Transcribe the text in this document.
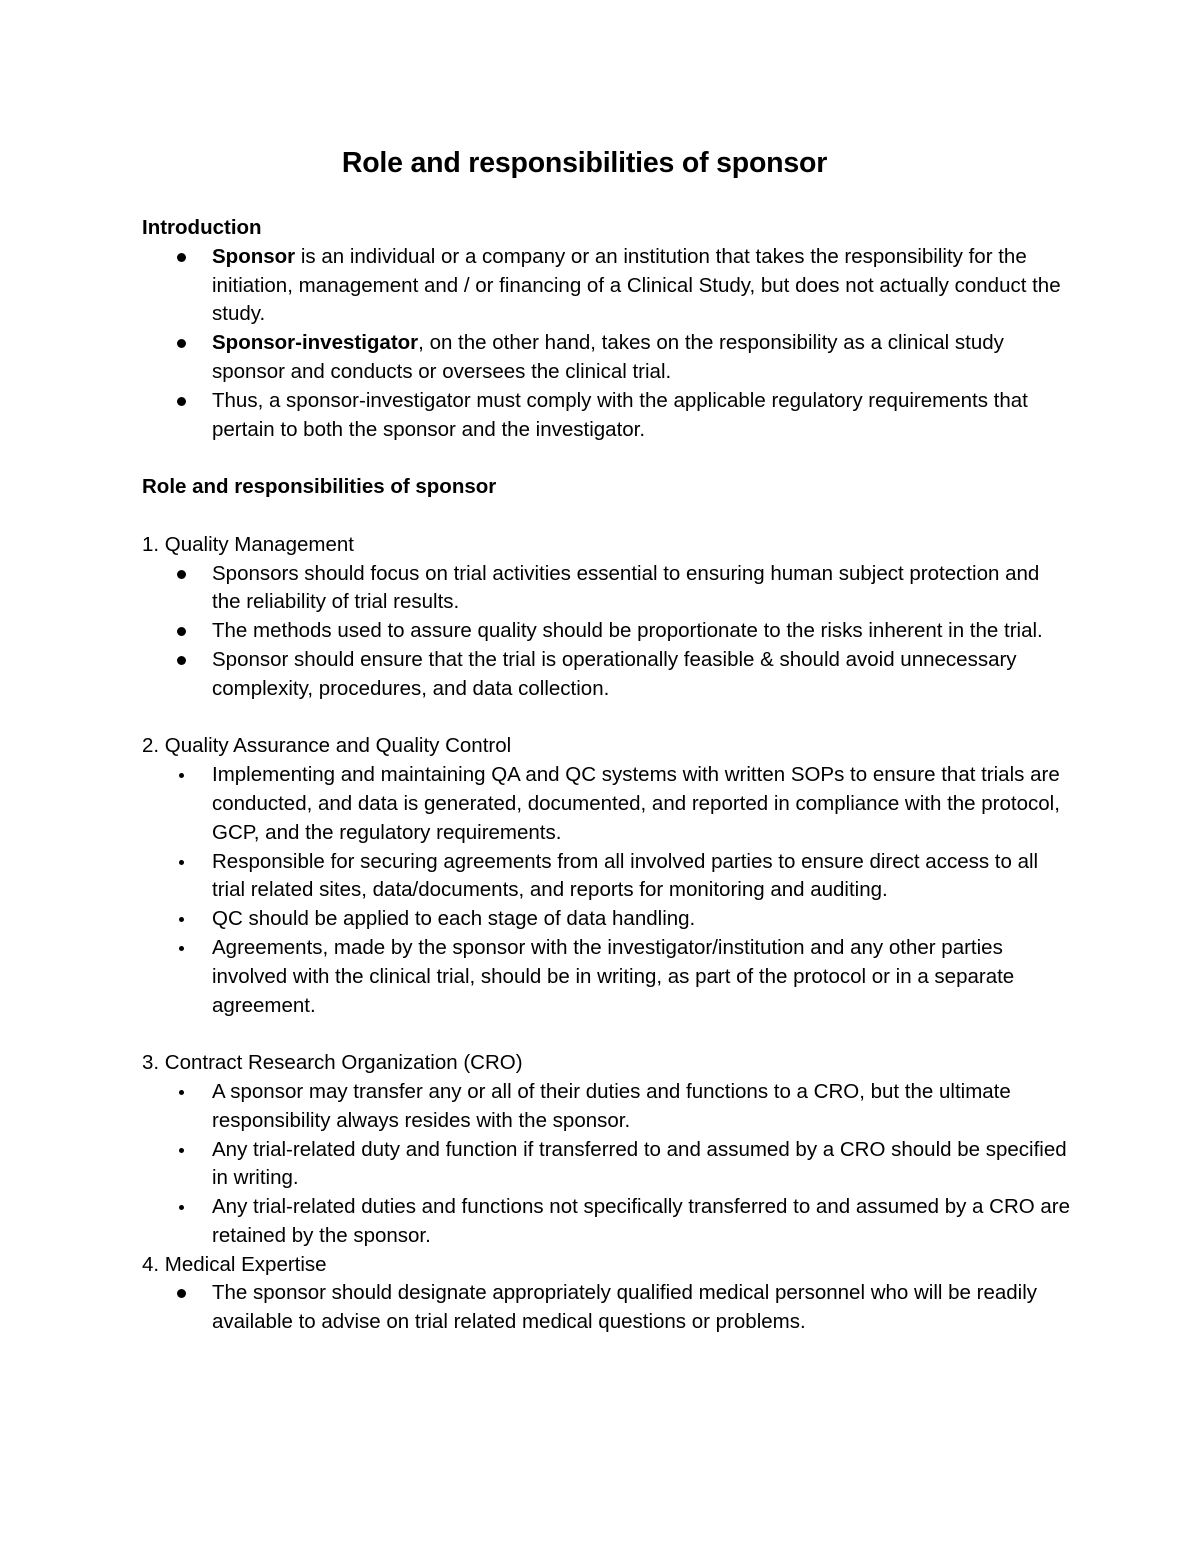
Role and responsibilities of sponsor

Introduction

Sponsor is an individual or a company or an institution that takes the responsibility for the initiation, management and / or financing of a Clinical Study, but does not actually conduct the study.
Sponsor-investigator, on the other hand, takes on the responsibility as a clinical study sponsor and conducts or oversees the clinical trial.
Thus, a sponsor-investigator must comply with the applicable regulatory requirements that pertain to both the sponsor and the investigator.

Role and responsibilities of sponsor

1. Quality Management

Sponsors should focus on trial activities essential to ensuring human subject protection and the reliability of trial results.
The methods used to assure quality should be proportionate to the risks inherent in the trial.
Sponsor should ensure that the trial is operationally feasible & should avoid unnecessary complexity, procedures, and data collection.

2. Quality Assurance and Quality Control

Implementing and maintaining QA and QC systems with written SOPs to ensure that trials are conducted, and data is generated, documented, and reported in compliance with the protocol, GCP, and the regulatory requirements.
Responsible for securing agreements from all involved parties to ensure direct access to all trial related sites, data/documents, and reports for monitoring and auditing.
QC should be applied to each stage of data handling.
Agreements, made by the sponsor with the investigator/institution and any other parties involved with the clinical trial, should be in writing, as part of the protocol or in a separate agreement.

3. Contract Research Organization (CRO)

A sponsor may transfer any or all of their duties and functions to a CRO, but the ultimate responsibility always resides with the sponsor.
Any trial-related duty and function if transferred to and assumed by a CRO should be specified in writing.
Any trial-related duties and functions not specifically transferred to and assumed by a CRO are retained by the sponsor.

4. Medical Expertise

The sponsor should designate appropriately qualified medical personnel who will be readily available to advise on trial related medical questions or problems.
